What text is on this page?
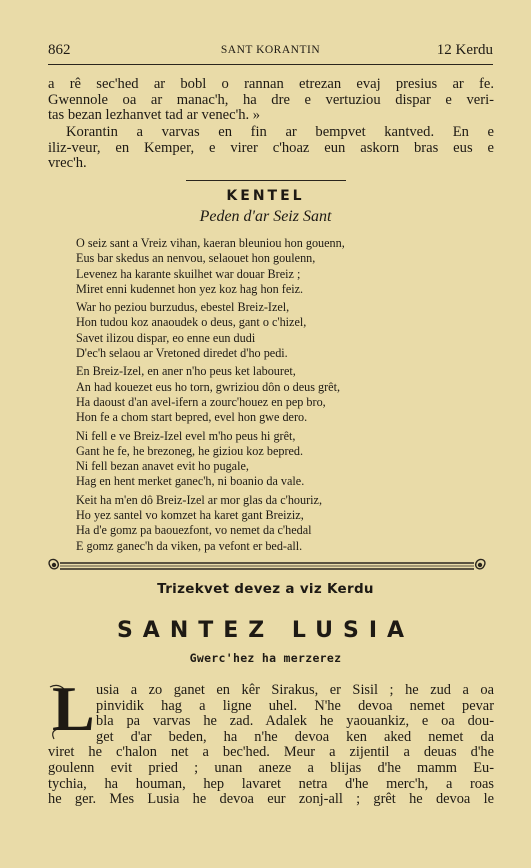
862	SANT KORANTIN	12 Kerdu
a rê sec'hed ar bobl o rannan etrezan evaj presius ar fe.
Gwennole oa ar manac'h, ha dre e vertuziou dispar e veri-
tas bezan lezhanvet tad ar venec'h. »
Korantin a varvas en fin ar bempvet kantved. En e
iliz-veur, en Kemper, e virer c'hoaz eun askorn bras eus e
vrec'h.
KENTEL
Peden d'ar Seiz Sant
O seiz sant a Vreiz vihan, kaeran bleuniou hon gouenn,
Eus bar skedus an nenvou, selaouet hon goulenn,
Levenez ha karante skuilhet war douar Breiz ;
Miret enni kudennet hon yez koz hag hon feiz.
War ho peziou burzudus, ebestel Breiz-Izel,
Hon tudou koz anaoudek o deus, gant o c'hizel,
Savet ilizou dispar, eo enne eun dudi
D'ec'h selaou ar Vretoned diredet d'ho pedi.
En Breiz-Izel, en aner n'ho peus ket labouret,
An had kouezet eus ho torn, gwriziou dôn o deus grêt,
Ha daoust d'an avel-ifern a zourc'houez en pep bro,
Hon fe a chom start bepred, evel hon gwe dero.
Ni fell e ve Breiz-Izel evel m'ho peus hi grêt,
Gant he fe, he brezoneg, he giziou koz bepred.
Ni fell bezan anavet evit ho pugale,
Hag en hent merket ganec'h, ni boanio da vale.
Keit ha m'en dô Breiz-Izel ar mor glas da c'houriz,
Ho yez santel vo komzet ha karet gant Breiziz,
Ha d'e gomz pa baouezfont, vo nemet da c'hedal
E gomz ganec'h da viken, pa vefont er bed-all.
Trizekvet devez a viz Kerdu
SANTEZ LUSIA
Gwerc'hez ha merzerez
L usia a zo ganet en kêr Sirakus, er Sisil ; he zud a oa
pinvidik hag a ligne uhel. N'he devoa nemet pevar
bla pa varvas he zad. Adalek he yaouankiz, e oa dou-
get d'ar beden, ha n'he devoa ken aked nemet da
viret he c'halon net a bec'hed. Meur a zijentil a deuas d'he
goulenn evit pried ; unan aneze a blijas d'he mamm Eu-
tychia, ha houman, hep lavaret netra d'he merc'h, a roas
he ger. Mes Lusia he devoa eur zonj-all ; grêt he devoa le
